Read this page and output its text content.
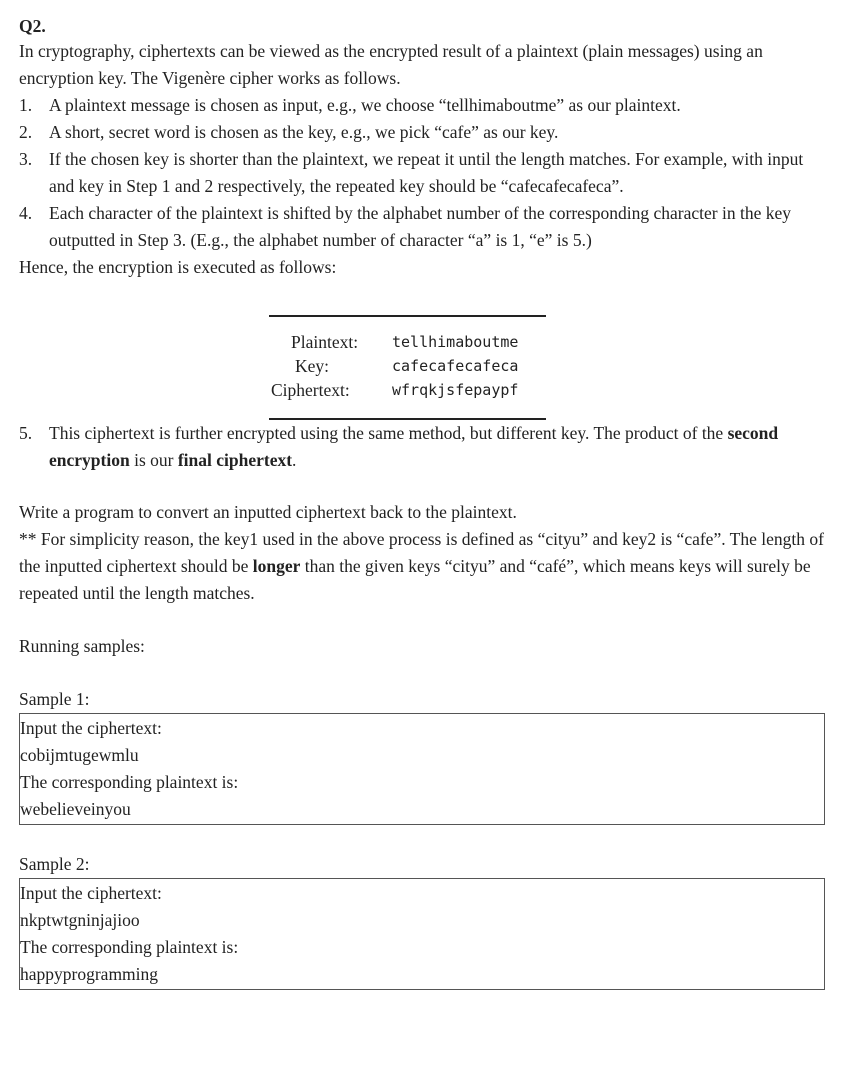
Q2.

In cryptography, ciphertexts can be viewed as the encrypted result of a plaintext (plain messages) using an encryption key. The Vigenère cipher works as follows.

1. A plaintext message is chosen as input, e.g., we choose “tellhimaboutme” as our plaintext.
2. A short, secret word is chosen as the key, e.g., we pick “cafe” as our key.
3. If the chosen key is shorter than the plaintext, we repeat it until the length matches. For example, with input and key in Step 1 and 2 respectively, the repeated key should be “cafecafecafeca”.
4. Each character of the plaintext is shifted by the alphabet number of the corresponding character in the key outputted in Step 3. (E.g., the alphabet number of character “a” is 1, “e” is 5.)

Hence, the encryption is executed as follows:

Plaintext:	tellhimaboutme
Key:	cafecafecafeca
Ciphertext:	wfrqkjsfepaypf
5. This ciphertext is further encrypted using the same method, but different key. The product of the second encryption is our final ciphertext.

Write a program to convert an inputted ciphertext back to the plaintext.

** For simplicity reason, the key1 used in the above process is defined as “cityu” and key2 is “cafe”. The length of the inputted ciphertext should be longer than the given keys “cityu” and “café”, which means keys will surely be repeated until the length matches.

Running samples:

Sample 1:

Input the ciphertext:
cobijmtugewmlu
The corresponding plaintext is:
webelieveinyou

Sample 2:

Input the ciphertext:
nkptwtgninjajioo
The corresponding plaintext is:
happyprogramming
